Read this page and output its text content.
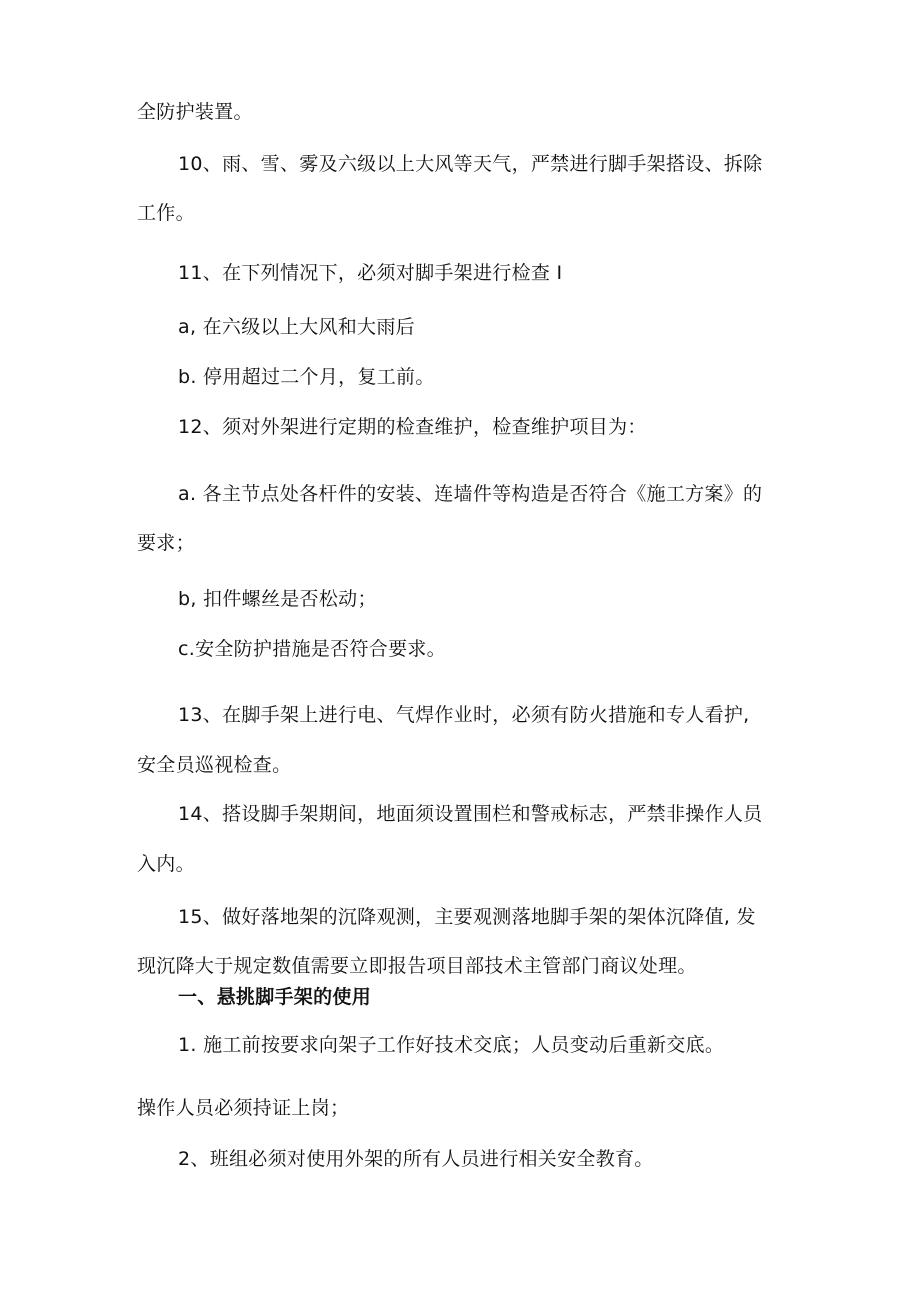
全防护装置。
10、雨、雪、雾及六级以上大风等天气，严禁进行脚手架搭设、拆除
工作。
11、在下列情况下，必须对脚手架进行检查 I
a, 在六级以上大风和大雨后
b. 停用超过二个月，复工前。
12、须对外架进行定期的检查维护，检查维护项目为：
a. 各主节点处各杆件的安装、连墙件等构造是否符合《施工方案》的
要求；
b, 扣件螺丝是否松动；
c.安全防护措施是否符合要求。
13、在脚手架上进行电、气焊作业时，必须有防火措施和专人看护,
安全员巡视检查。
14、搭设脚手架期间，地面须设置围栏和警戒标志，严禁非操作人员
入内。
15、做好落地架的沉降观测，主要观测落地脚手架的架体沉降值, 发
现沉降大于规定数值需要立即报告项目部技术主管部门商议处理。
一、悬挑脚手架的使用
1. 施工前按要求向架子工作好技术交底；人员变动后重新交底。
操作人员必须持证上岗；
2、班组必须对使用外架的所有人员进行相关安全教育。
